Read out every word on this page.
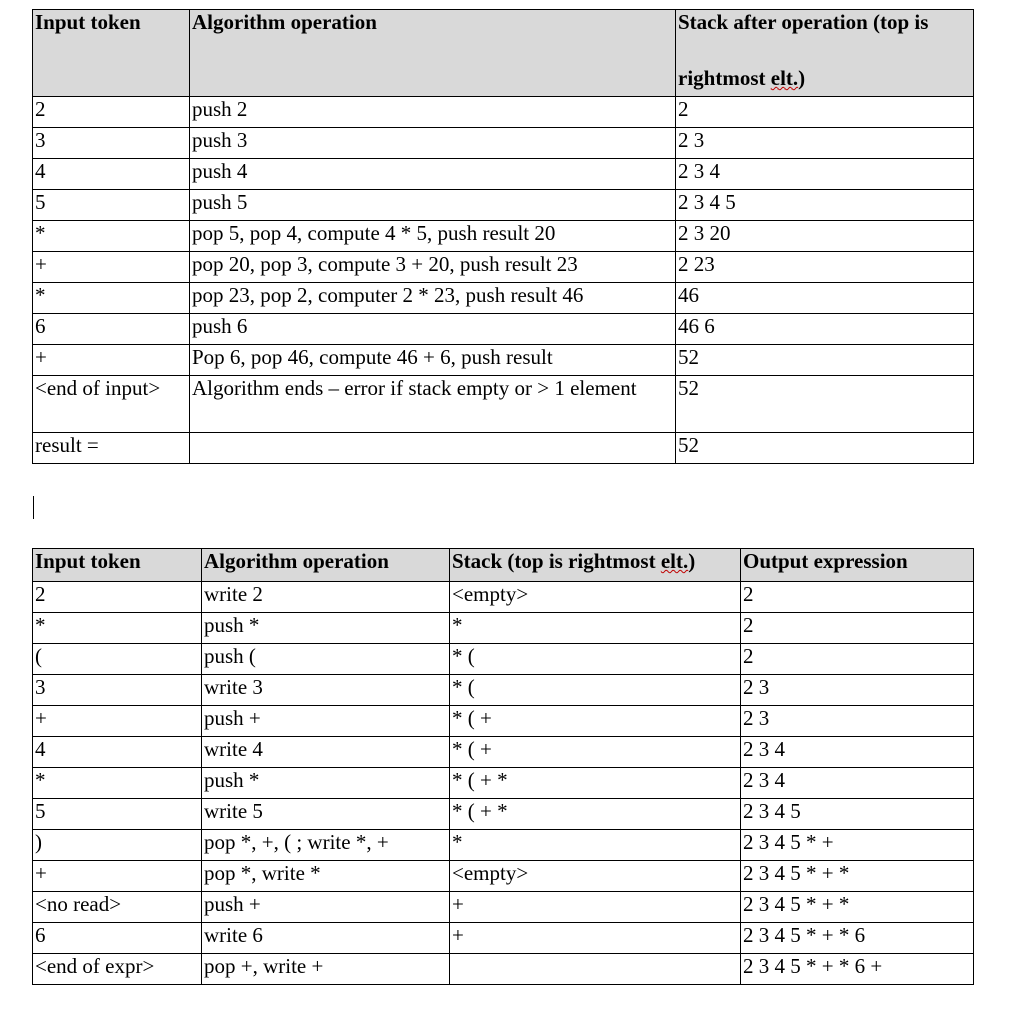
Input token	Algorithm operation	Stack after operation (top is
rightmost elt.)

2	push 2	2
3	push 3	2 3
4	push 4	2 3 4
5	push 5	2 3 4 5
*	pop 5, pop 4, compute 4 * 5, push result 20	2 3 20
+	pop 20, pop 3, compute 3 + 20, push result 23	2 23
*	pop 23, pop 2, computer 2 * 23, push result 46	46
6	push 6	46 6
+	Pop 6, pop 46, compute 46 + 6, push result	52
<end of input>	Algorithm ends – error if stack empty or > 1 element	52
result =		52
Input token	Algorithm operation	Stack (top is rightmost elt.)	Output expression
2	write 2	<empty>	2
*	push *	*	2
(	push (	* (	2
3	write 3	* (	2 3
+	push +	* ( +	2 3
4	write 4	* ( +	2 3 4
*	push *	* ( + *	2 3 4
5	write 5	* ( + *	2 3 4 5
)	pop *, +, ( ; write *, +	*	2 3 4 5 * +
+	pop *, write *	<empty>	2 3 4 5 * + *
<no read>	push +	+	2 3 4 5 * + *
6	write 6	+	2 3 4 5 * + * 6
<end of expr>	pop +, write +		2 3 4 5 * + * 6 +
